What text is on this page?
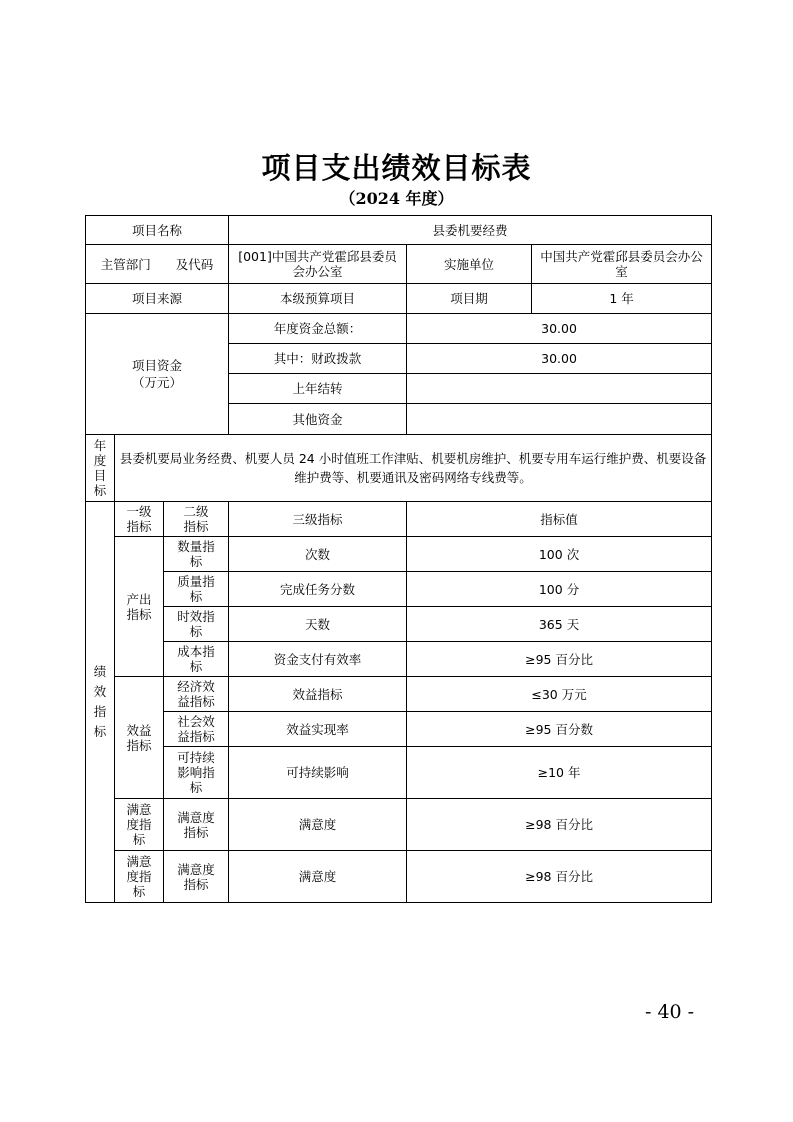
项目支出绩效目标表
（2024 年度）
项目名称			县委机要经费		
主管部门　　及代码			[001]中国共产党霍邱县委员会办公室	实施单位	中国共产党霍邱县委员会办公室
项目来源			本级预算项目	项目期	1 年
项目资金（万元）			年度资金总额：	30.00	
			其中：财政拨款	30.00	
			上年结转		
			其他资金		
年度目标	县委机要局业务经费、机要人员 24 小时值班工作津贴、机要机房维护、机要专用车运行维护费、机要设备维护费等、机要通讯及密码网络专线费等。				
绩效指标	一级指标	二级指标	三级指标	指标值	
	产出指标	数量指标	次数	100 次	
		质量指标	完成任务分数	100 分	
		时效指标	天数	365 天	
		成本指标	资金支付有效率	≥95 百分比	
	效益指标	经济效益指标	效益指标	≤30 万元	
		社会效益指标	效益实现率	≥95 百分数	
		可持续影响指标	可持续影响	≥10 年	
	满意度指标	满意度指标	满意度	≥98 百分比	
	满意度指标	满意度指标	满意度	≥98 百分比	
- 40 -
